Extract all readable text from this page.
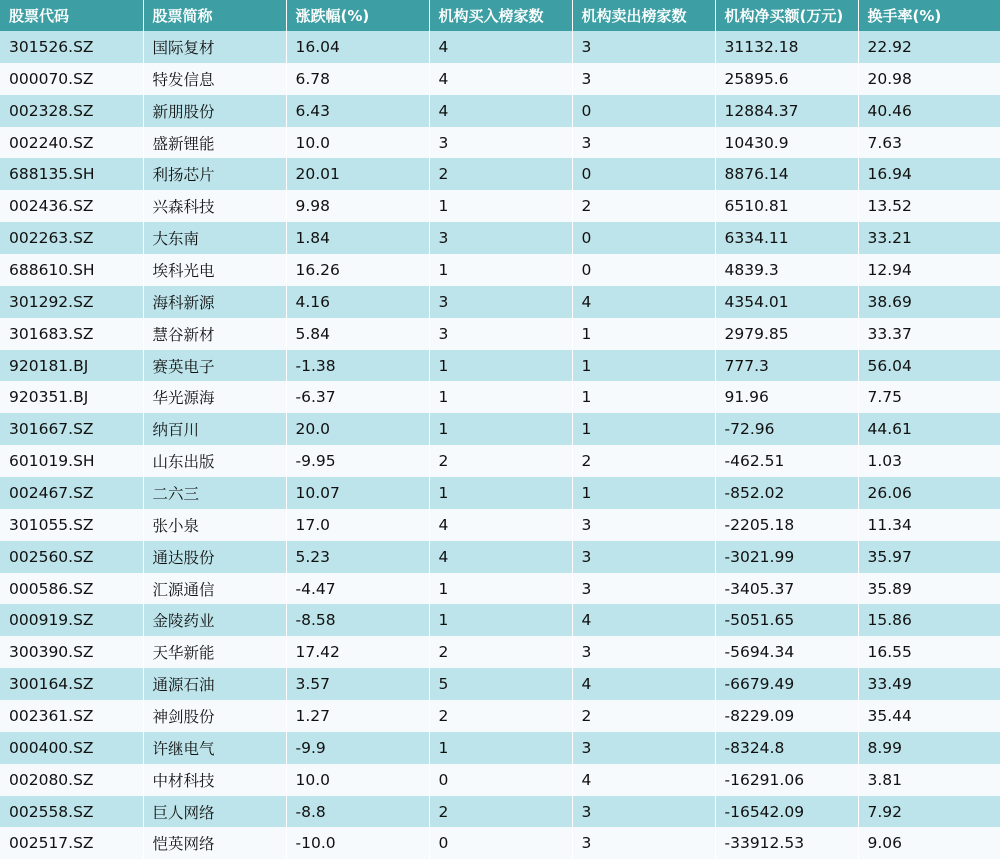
股票代码	股票简称	涨跌幅(%)	机构买入榜家数	机构卖出榜家数	机构净买额(万元)	换手率(%)
301526.SZ	国际复材	16.04	4	3	31132.18	22.92
000070.SZ	特发信息	6.78	4	3	25895.6	20.98
002328.SZ	新朋股份	6.43	4	0	12884.37	40.46
002240.SZ	盛新锂能	10.0	3	3	10430.9	7.63
688135.SH	利扬芯片	20.01	2	0	8876.14	16.94
002436.SZ	兴森科技	9.98	1	2	6510.81	13.52
002263.SZ	大东南	1.84	3	0	6334.11	33.21
688610.SH	埃科光电	16.26	1	0	4839.3	12.94
301292.SZ	海科新源	4.16	3	4	4354.01	38.69
301683.SZ	慧谷新材	5.84	3	1	2979.85	33.37
920181.BJ	赛英电子	-1.38	1	1	777.3	56.04
920351.BJ	华光源海	-6.37	1	1	91.96	7.75
301667.SZ	纳百川	20.0	1	1	-72.96	44.61
601019.SH	山东出版	-9.95	2	2	-462.51	1.03
002467.SZ	二六三	10.07	1	1	-852.02	26.06
301055.SZ	张小泉	17.0	4	3	-2205.18	11.34
002560.SZ	通达股份	5.23	4	3	-3021.99	35.97
000586.SZ	汇源通信	-4.47	1	3	-3405.37	35.89
000919.SZ	金陵药业	-8.58	1	4	-5051.65	15.86
300390.SZ	天华新能	17.42	2	3	-5694.34	16.55
300164.SZ	通源石油	3.57	5	4	-6679.49	33.49
002361.SZ	神剑股份	1.27	2	2	-8229.09	35.44
000400.SZ	许继电气	-9.9	1	3	-8324.8	8.99
002080.SZ	中材科技	10.0	0	4	-16291.06	3.81
002558.SZ	巨人网络	-8.8	2	3	-16542.09	7.92
002517.SZ	恺英网络	-10.0	0	3	-33912.53	9.06
